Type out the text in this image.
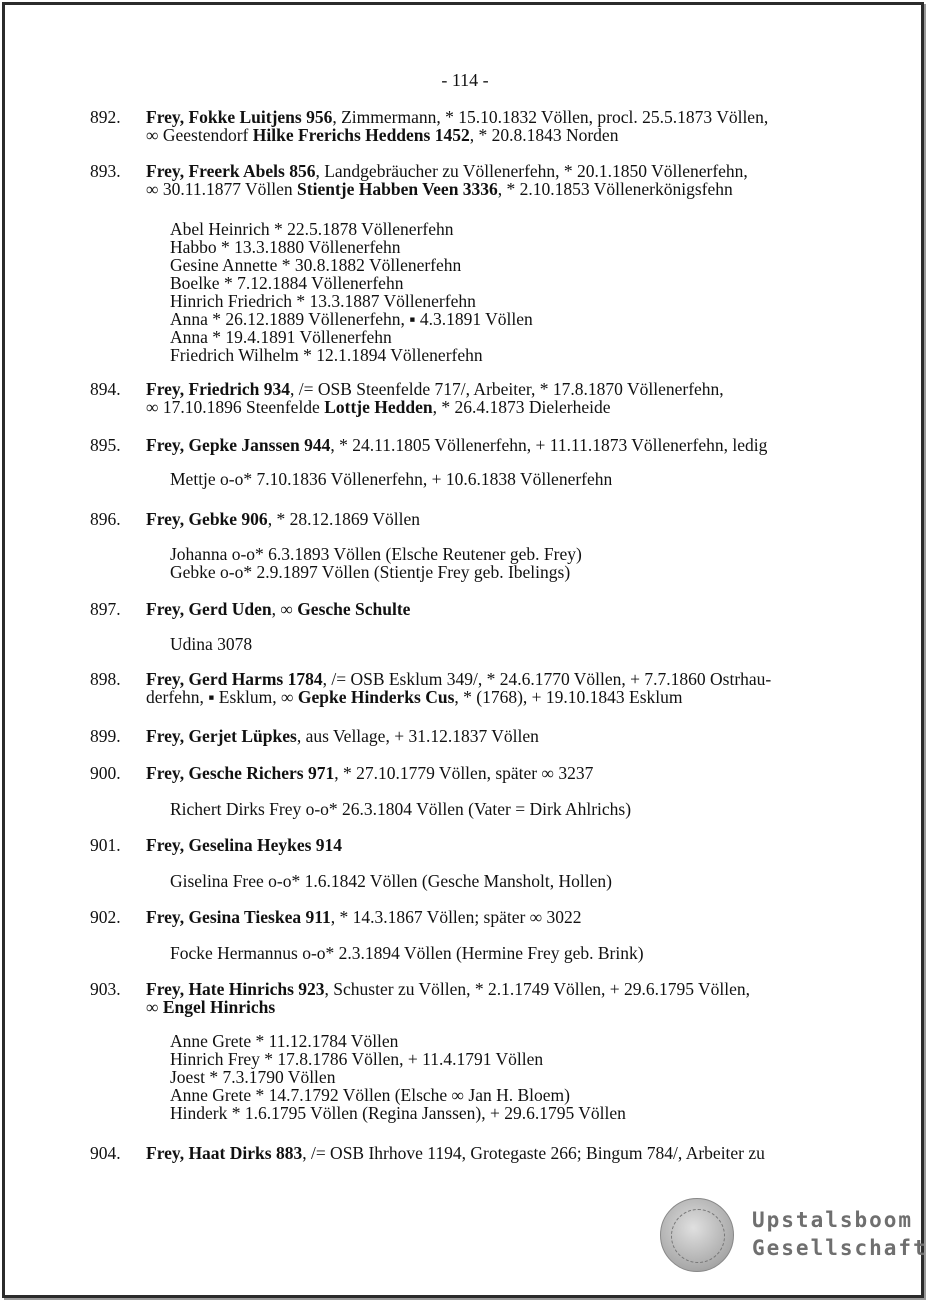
- 114 -
892.	Frey, Fokke Luitjens 956, Zimmermann, * 15.10.1832 Völlen, procl. 25.5.1873 Völlen,
∞ Geestendorf Hilke Frerichs Heddens 1452, * 20.8.1843 Norden
893.	Frey, Freerk Abels 856, Landgebräucher zu Völlenerfehn, * 20.1.1850 Völlenerfehn,
∞ 30.11.1877 Völlen Stientje Habben Veen 3336, * 2.10.1853 Völlenerkönigsfehn
Abel Heinrich * 22.5.1878 Völlenerfehn
Habbo * 13.3.1880 Völlenerfehn
Gesine Annette * 30.8.1882 Völlenerfehn
Boelke * 7.12.1884 Völlenerfehn
Hinrich Friedrich * 13.3.1887 Völlenerfehn
Anna * 26.12.1889 Völlenerfehn, ▪ 4.3.1891 Völlen
Anna * 19.4.1891 Völlenerfehn
Friedrich Wilhelm * 12.1.1894 Völlenerfehn
894.	Frey, Friedrich 934, /= OSB Steenfelde 717/, Arbeiter, * 17.8.1870 Völlenerfehn,
∞ 17.10.1896 Steenfelde Lottje Hedden, * 26.4.1873 Dielerheide
895.	Frey, Gepke Janssen 944, * 24.11.1805 Völlenerfehn, + 11.11.1873 Völlenerfehn, ledig
Mettje o-o* 7.10.1836 Völlenerfehn, + 10.6.1838 Völlenerfehn
896.	Frey, Gebke 906, * 28.12.1869 Völlen
Johanna o-o* 6.3.1893 Völlen (Elsche Reutener geb. Frey)
Gebke o-o* 2.9.1897 Völlen (Stientje Frey geb. Ibelings)
897.	Frey, Gerd Uden, ∞ Gesche Schulte
Udina 3078
898.	Frey, Gerd Harms 1784, /= OSB Esklum 349/, * 24.6.1770 Völlen, + 7.7.1860 Ostrhau-
derfehn, ▪ Esklum, ∞ Gepke Hinderks Cus, * (1768), + 19.10.1843 Esklum
899.	Frey, Gerjet Lüpkes, aus Vellage, + 31.12.1837 Völlen
900.	Frey, Gesche Richers 971, * 27.10.1779 Völlen, später ∞ 3237
Richert Dirks Frey o-o* 26.3.1804 Völlen (Vater = Dirk Ahlrichs)
901.	Frey, Geselina Heykes 914
Giselina Free o-o* 1.6.1842 Völlen (Gesche Mansholt, Hollen)
902.	Frey, Gesina Tieskea 911, * 14.3.1867 Völlen; später ∞ 3022
Focke Hermannus o-o* 2.3.1894 Völlen (Hermine Frey geb. Brink)
903.	Frey, Hate Hinrichs 923, Schuster zu Völlen, * 2.1.1749 Völlen, + 29.6.1795 Völlen,
∞ Engel Hinrichs
Anne Grete * 11.12.1784 Völlen
Hinrich Frey * 17.8.1786 Völlen, + 11.4.1791 Völlen
Joest * 7.3.1790 Völlen
Anne Grete * 14.7.1792 Völlen (Elsche ∞ Jan H. Bloem)
Hinderk * 1.6.1795 Völlen (Regina Janssen), + 29.6.1795 Völlen
904.	Frey, Haat Dirks 883, /= OSB Ihrhove 1194, Grotegaste 266; Bingum 784/, Arbeiter zu
Upstalsboom
Gesellschaft
